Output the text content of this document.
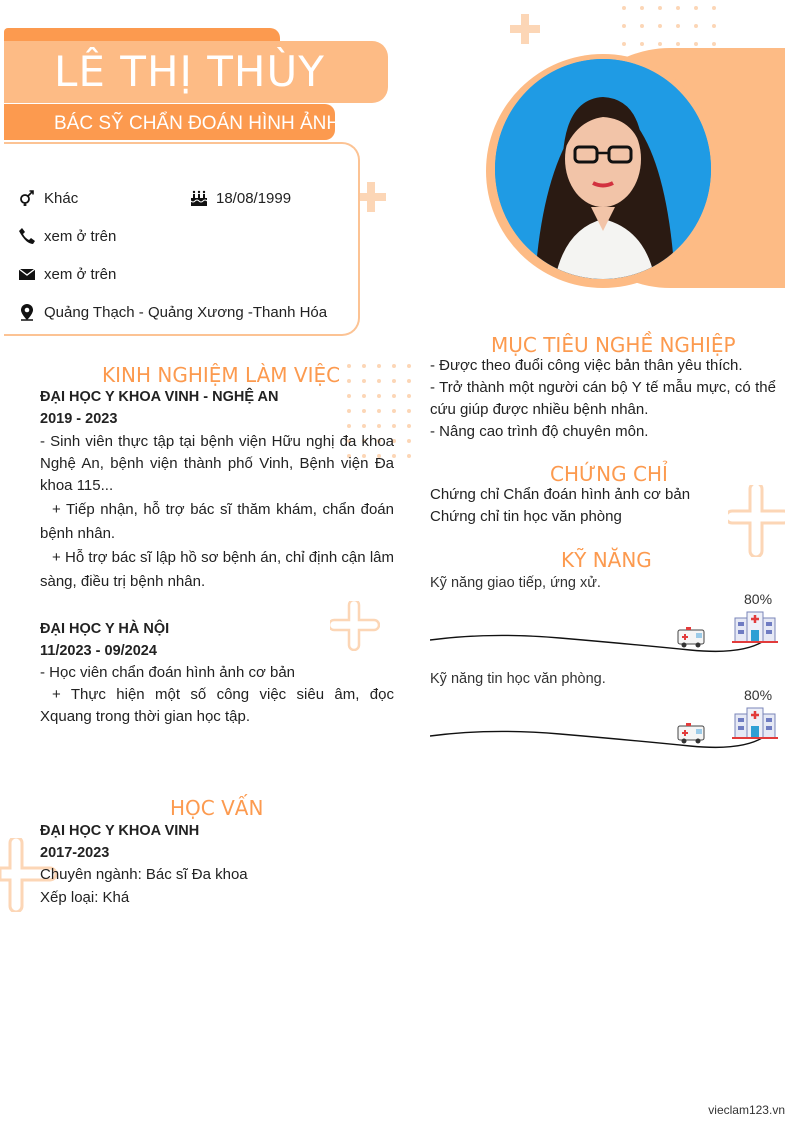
LÊ THỊ THÙY
BÁC SỸ CHẨN ĐOÁN HÌNH ẢNH
Khác	18/08/1999
xem ở trên
xem ở trên
Quảng Thạch - Quảng Xương -Thanh Hóa
KINH NGHIỆM LÀM VIỆC
ĐẠI HỌC Y KHOA VINH - NGHỆ AN
2019 - 2023
- Sinh viên thực tập tại bệnh viện Hữu nghị đa khoa Nghệ An, bệnh viện thành phố Vinh, Bệnh viện Đa khoa 115...
+ Tiếp nhận, hỗ trợ bác sĩ thăm khám, chẩn đoán bệnh nhân.
+ Hỗ trợ bác sĩ lập hồ sơ bệnh án, chỉ định cận lâm sàng, điều trị bệnh nhân.
ĐẠI HỌC Y HÀ NỘI
11/2023 - 09/2024
- Học viên chẩn đoán hình ảnh cơ bản
+ Thực hiện một số công việc siêu âm, đọc Xquang trong thời gian học tập.
HỌC VẤN
ĐẠI HỌC Y KHOA VINH
2017-2023
Chuyên ngành: Bác sĩ Đa khoa
Xếp loại: Khá
MỤC TIÊU NGHỀ NGHIỆP
- Được theo đuổi công việc bản thân yêu thích.
- Trở thành một người cán bộ Y tế mẫu mực, có thể cứu giúp được nhiều bệnh nhân.
- Nâng cao trình độ chuyên môn.
CHỨNG CHỈ
Chứng chỉ Chẩn đoán hình ảnh cơ bản
Chứng chỉ tin học văn phòng
KỸ NĂNG
Kỹ năng giao tiếp, ứng xử.
80%
Kỹ năng tin học văn phòng.
80%
vieclam123.vn
